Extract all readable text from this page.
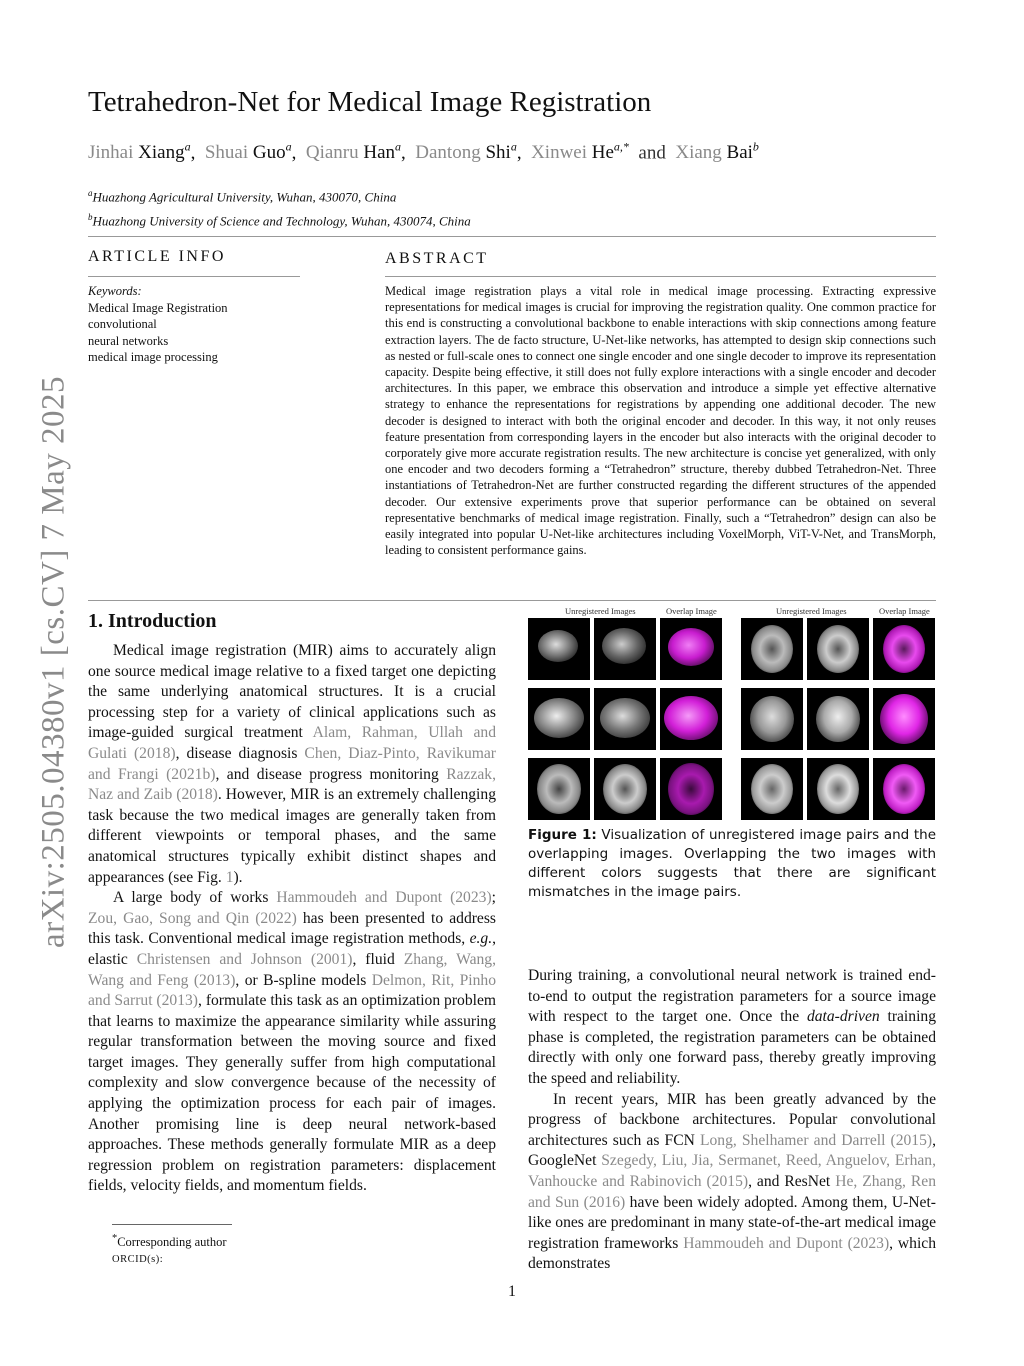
arXiv:2505.04380v1 [cs.CV] 7 May 2025
Tetrahedron-Net for Medical Image Registration
Jinhai Xiang$^a$,  Shuai Guo$^a$,  Qianru Han$^a$,  Dantong Shi$^a$,  Xinwei $He^{a,*}$ and Xiang Bai$^b$
$^a$Huazhong Agricultural University, Wuhan, 430070, China
$^b$Huazhong University of Science and Technology, Wuhan, 430074, China
ARTICLE INFO
Keywords:
Medical Image Registration
convolutional
neural networks
medical image processing
ABSTRACT
Medical image registration plays a vital role in medical image processing. Extracting expressive representations for medical images is crucial for improving the registration quality. One common practice for this end is constructing a convolutional backbone to enable interactions with skip connections among feature extraction layers. The de facto structure, U-Net-like networks, has attempted to design skip connections such as nested or full-scale ones to connect one single encoder and one single decoder to improve its representation capacity. Despite being effective, it still does not fully explore interactions with a single encoder and decoder architectures. In this paper, we embrace this observation and introduce a simple yet effective alternative strategy to enhance the representations for registrations by appending one additional decoder. The new decoder is designed to interact with both the original encoder and decoder. In this way, it not only reuses feature presentation from corresponding layers in the encoder but also interacts with the original decoder to corporately give more accurate registration results. The new architecture is concise yet generalized, with only one encoder and two decoders forming a “Tetrahedron” structure, thereby dubbed Tetrahedron-Net. Three instantiations of Tetrahedron-Net are further constructed regarding the different structures of the appended decoder. Our extensive experiments prove that superior performance can be obtained on several representative benchmarks of medical image registration. Finally, such a “Tetrahedron” design can also be easily integrated into popular U-Net-like architectures including VoxelMorph, ViT-V-Net, and TransMorph, leading to consistent performance gains.
1. Introduction

Medical image registration (MIR) aims to accurately align one source medical image relative to a fixed target one depicting the same underlying anatomical structures. It is a crucial processing step for a variety of clinical applications such as image-guided surgical treatment Alam, Rahman, Ullah and Gulati (2018), disease diagnosis Chen, Diaz-Pinto, Ravikumar and Frangi (2021b), and disease progress monitoring Razzak, Naz and Zaib (2018). However, MIR is an extremely challenging task because the two medical images are generally taken from different viewpoints or temporal phases, and the same anatomical structures typically exhibit distinct shapes and appearances (see Fig. 1).

A large body of works Hammoudeh and Dupont (2023); Zou, Gao, Song and Qin (2022) has been presented to address this task. Conventional medical image registration methods, e.g., elastic Christensen and Johnson (2001), fluid Zhang, Wang, Wang and Feng (2013), or B-spline models Delmon, Rit, Pinho and Sarrut (2013), formulate this task as an optimization problem that learns to maximize the appearance similarity while assuring regular transformation between the moving source and fixed target images. They generally suffer from high computational complexity and slow convergence because of the necessity of applying the optimization process for each pair of images. Another promising line is deep neural network-based approaches. These methods generally formulate MIR as a deep regression problem on registration parameters: displacement fields, velocity fields, and momentum fields.

Unregistered Images	Overlap Image	Unregistered Images	Overlap Image
Figure 1: Visualization of unregistered image pairs and the overlapping images. Overlapping the two images with different colors suggests that there are significant mismatches in the image pairs.

During training, a convolutional neural network is trained end-to-end to output the registration parameters for a source image with respect to the target one. Once the data-driven training phase is completed, the registration parameters can be obtained directly with only one forward pass, thereby greatly improving the speed and reliability.

In recent years, MIR has been greatly advanced by the progress of backbone architectures. Popular convolutional architectures such as FCN Long, Shelhamer and Darrell (2015), GoogleNet Szegedy, Liu, Jia, Sermanet, Reed, Anguelov, Erhan, Vanhoucke and Rabinovich (2015), and ResNet He, Zhang, Ren and Sun (2016) have been widely adopted. Among them, U-Net-like ones are predominant in many state-of-the-art medical image registration frameworks Hammoudeh and Dupont (2023), which demonstrates

*Corresponding author
ORCID(s):
1
